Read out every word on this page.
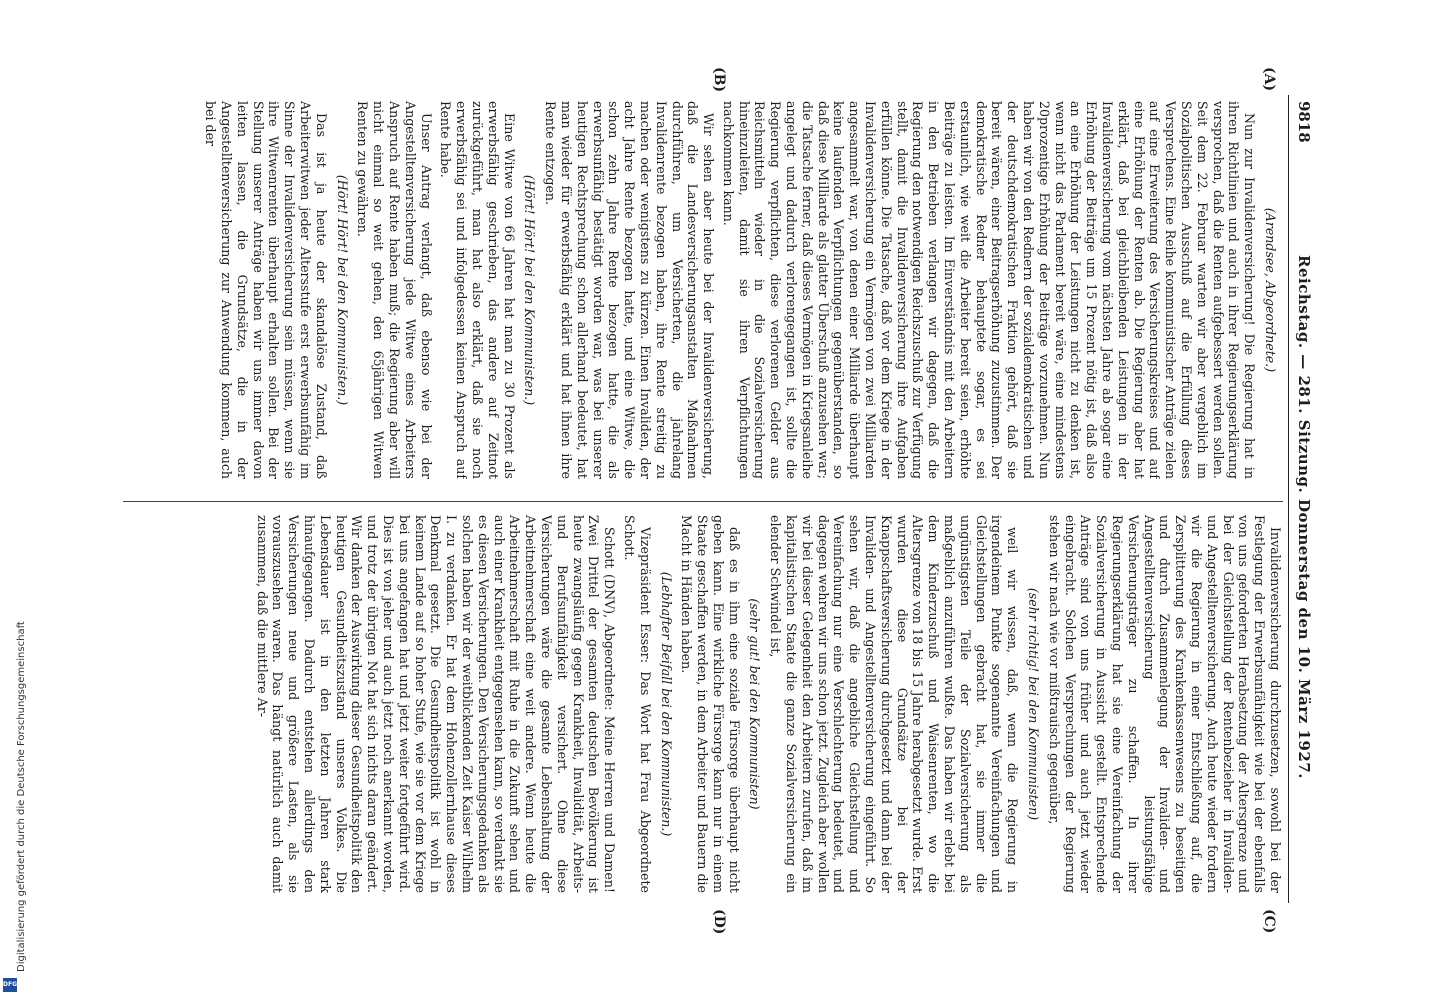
Digitalisierung gefördert durch die Deutsche Forschungsgemeinschaft
DFG
9818
Reichstag. — 281. Sitzung. Donnerstag den 10. März 1927.
(A)
(B)
(C)
(D)

(Arendsee, Abgeordnete.)

Nun zur Invalidenversicherung! Die Regierung hat in ihren Richtlinien und auch in ihrer Regierungserklärung versprochen, daß die Renten aufgebessert werden sollen. Seit dem 22. Februar warten wir aber vergeblich im Sozialpolitischen Ausschuß auf die Erfüllung dieses Versprechens. Eine Reihe kommunistischer Anträge zielen auf eine Erweiterung des Versicherungskreises und auf eine Erhöhung der Renten ab. Die Regierung aber hat erklärt, daß bei gleichbleibenden Leistungen in der Invalidenversicherung vom nächsten Jahre ab sogar eine Erhöhung der Beiträge um 15 Prozent nötig ist, daß also an eine Erhöhung der Leistungen nicht zu denken ist, wenn nicht das Parlament bereit wäre, eine mindestens 20prozentige Erhöhung der Beiträge vorzunehmen. Nun haben wir von den Rednern der sozialdemokratischen und der deutschdemokratischen Fraktion gehört, daß sie bereit wären, einer Beitragserhöhung zuzustimmen. Der demokratische Redner behauptete sogar, es sei erstaunlich, wie weit die Arbeiter bereit seien, erhöhte Beiträge zu leisten. Im Einverständnis mit den Arbeitern in den Betrieben verlangen wir dagegen, daß die Regierung den notwendigen Reichszuschuß zur Verfügung stellt, damit die Invalidenversicherung ihre Aufgaben erfüllen könne. Die Tatsache, daß vor dem Kriege in der Invalidenversicherung ein Vermögen von zwei Milliarden angesammelt war, von denen einer Milliarde überhaupt keine laufenden Verpflichtungen gegenüberstanden, so daß diese Milliarde als glatter Überschuß anzusehen war; die Tatsache ferner, daß dieses Vermögen in Kriegsanleihe angelegt und dadurch verlorengegangen ist, sollte die Regierung verpflichten, diese verlorenen Gelder aus Reichsmitteln wieder in die Sozialversicherung hineinzuleiten, damit sie ihren Verpflichtungen nachkommen kann.

Wir sehen aber heute bei der Invalidenversicherung, daß die Landesversicherungsanstalten Maßnahmen durchführen, um Versicherten, die jahrelang Invalidenrente bezogen haben, ihre Rente streitig zu machen oder wenigstens zu kürzen. Einen Invaliden, der acht Jahre Rente bezogen hatte, und eine Witwe, die schon zehn Jahre Rente bezogen hatte, die als erwerbsunfähig bestätigt worden war, was bei unserer heutigen Rechtsprechung schon allerhand bedeutet, hat man wieder für erwerbsfähig erklärt und hat ihnen ihre Rente entzogen.

(Hört! Hört! bei den Kommunisten.)

Eine Witwe von 66 Jahren hat man zu 30 Prozent als erwerbsfähig geschrieben, das andere auf Zeitnot zurückgeführt, man hat also erklärt, daß sie noch erwerbsfähig sei und infolgedessen keinen Anspruch auf Rente habe.

Unser Antrag verlangt, daß ebenso wie bei der Angestelltenversicherung jede Witwe eines Arbeiters Anspruch auf Rente haben muß; die Regierung aber will nicht einmal so weit gehen, den 65jährigen Witwen Renten zu gewähren.

(Hört! Hört! bei den Kommunisten.)

Das ist ja heute der skandalöse Zustand, daß Arbeiterwitwen jeder Altersstufe erst erwerbsunfähig im Sinne der Invalidenversicherung sein müssen, wenn sie ihre Witwenrenten überhaupt erhalten sollen. Bei der Stellung unserer Anträge haben wir uns immer davon leiten lassen, die Grundsätze, die in der Angestelltenversicherung zur Anwendung kommen, auch bei der

Invalidenversicherung durchzusetzen, sowohl bei der Festlegung der Erwerbsunfähigkeit wie bei der ebenfalls von uns geforderten Herabsetzung der Altersgrenze und bei der Gleichstellung der Rentenbezieher in Invaliden- und Angestelltenversicherung. Auch heute wieder fordern wir die Regierung in einer Entschließung auf, die Zersplitterung des Krankenkassenwesens zu beseitigen und durch Zusammenlegung der Invaliden- und Angestelltenversicherung leistungsfähige Versicherungsträger zu schaffen. In ihrer Regierungserklärung hat sie eine Vereinfachung der Sozialversicherung in Aussicht gestellt. Entsprechende Anträge sind von uns früher und auch jetzt wieder eingebracht. Solchen Versprechungen der Regierung stehen wir nach wie vor mißtrauisch gegenüber,

(sehr richtig! bei den Kommunisten)

weil wir wissen, daß, wenn die Regierung in irgendeinem Punkte sogenannte Vereinfachungen und Gleichstellungen gebracht hat, sie immer die ungünstigsten Teile der Sozialversicherung als maßgeblich anzuführen wußte. Das haben wir erlebt bei dem Kinderzuschuß und Waisenrenten, wo die Altersgrenze von 18 bis 15 Jahre herabgesetzt wurde. Erst wurden diese Grundsätze bei der Knappschaftsversicherung durchgesetzt und dann bei der Invaliden- und Angestelltenversicherung eingeführt. So sehen wir, daß die angebliche Gleichstellung und Vereinfachung nur eine Verschlechterung bedeutet, und dagegen wehren wir uns schon jetzt. Zugleich aber wollen wir bei dieser Gelegenheit den Arbeitern zurufen, daß im kapitalistischen Staate die ganze Sozialversicherung ein elender Schwindel ist,

(sehr gut! bei den Kommunisten)

daß es in ihm eine soziale Fürsorge überhaupt nicht geben kann. Eine wirkliche Fürsorge kann nur in einem Staate geschaffen werden, in dem Arbeiter und Bauern die Macht in Händen haben.

(Lebhafter Beifall bei den Kommunisten.)

Vizepräsident Esser: Das Wort hat Frau Abgeordnete Schott.

Schott (DNV), Abgeordnete: Meine Herren und Damen! Zwei Drittel der gesamten deutschen Bevölkerung ist heute zwangsläufig gegen Krankheit, Invalidität, Arbeits- und Berufsunfähigkeit versichert. Ohne diese Versicherungen wäre die gesamte Lebenshaltung der Arbeitnehmerschaft eine weit andere. Wenn heute die Arbeitnehmerschaft mit Ruhe in die Zukunft sehen und auch einer Krankheit entgegensehen kann, so verdankt sie es diesen Versicherungen. Den Versicherungsgedanken als solchen haben wir der weitblickenden Zeit Kaiser Wilhelm I. zu verdanken. Er hat dem Hohenzollernhause dieses Denkmal gesetzt. Die Gesundheitspolitik ist wohl in keinem Lande auf so hoher Stufe, wie sie vor dem Kriege bei uns angefangen hat und jetzt weiter fortgeführt wird. Dies ist von jeher und auch jetzt noch anerkannt worden, und trotz der übrigen Not hat sich nichts daran geändert. Wir danken der Auswirkung dieser Gesundheitspolitik den heutigen Gesundheitszustand unseres Volkes. Die Lebensdauer ist in den letzten Jahren stark hinaufgegangen. Dadurch entstehen allerdings den Versicherungen neue und größere Lasten, als sie vorauszusehen waren. Das hängt natürlich auch damit zusammen, daß die mittlere Ar-
